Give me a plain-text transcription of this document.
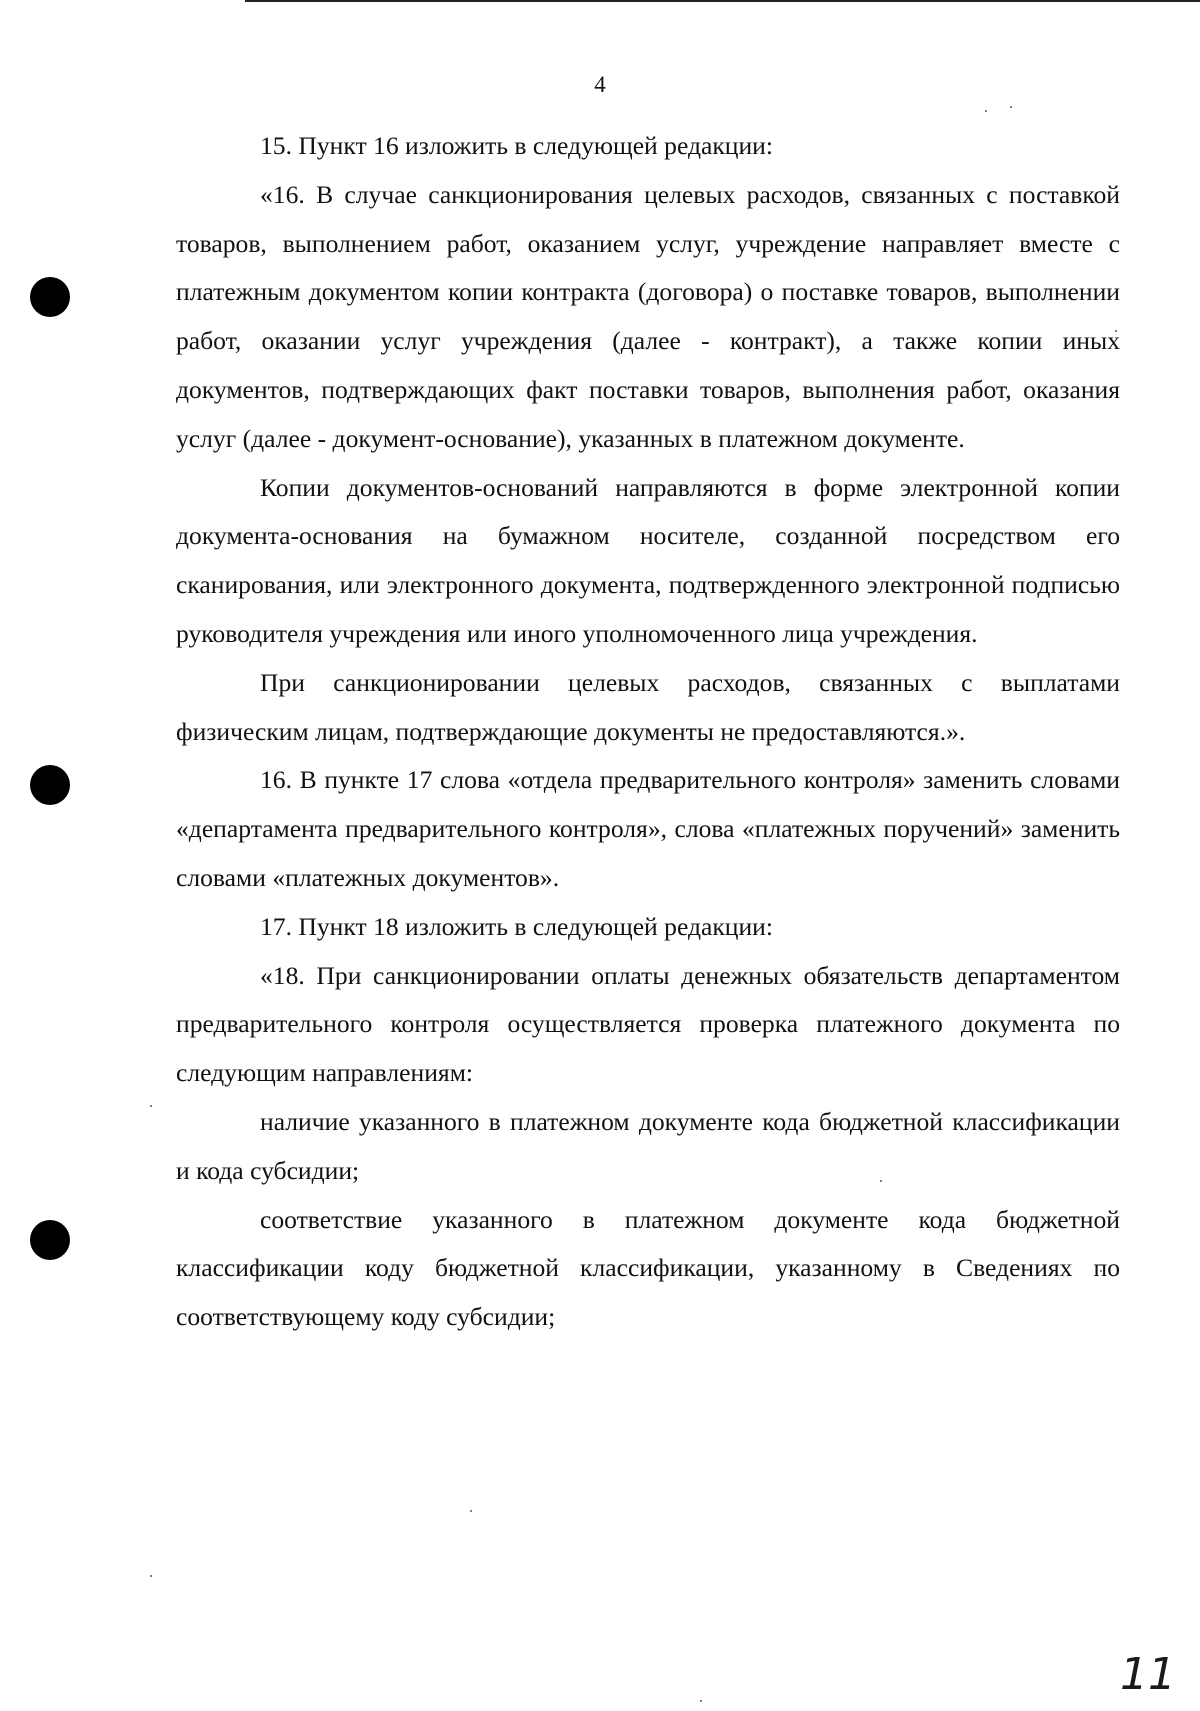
4

15. Пункт 16 изложить в следующей редакции:

«16. В случае санкционирования целевых расходов, связанных с поставкой товаров, выполнением работ, оказанием услуг, учреждение направляет вместе с платежным документом копии контракта (договора) о поставке товаров, выполнении работ, оказании услуг учреждения (далее - контракт), а также копии иных документов, подтверждающих факт поставки товаров, выполнения работ, оказания услуг (далее - документ-основание), указанных в платежном документе.

Копии документов-оснований направляются в форме электронной копии документа-основания на бумажном носителе, созданной посредством его сканирования, или электронного документа, подтвержденного электронной подписью руководителя учреждения или иного уполномоченного лица учреждения.

При санкционировании целевых расходов, связанных с выплатами физическим лицам, подтверждающие документы не предоставляются.».

16. В пункте 17 слова «отдела предварительного контроля» заменить словами «департамента предварительного контроля», слова «платежных поручений» заменить словами «платежных документов».

17. Пункт 18 изложить в следующей редакции:

«18. При санкционировании оплаты денежных обязательств департаментом предварительного контроля осуществляется проверка платежного документа по следующим направлениям:

наличие указанного в платежном документе кода бюджетной классификации и кода субсидии;

соответствие указанного в платежном документе кода бюджетной классификации коду бюджетной классификации, указанному в Сведениях по соответствующему коду субсидии;

11
